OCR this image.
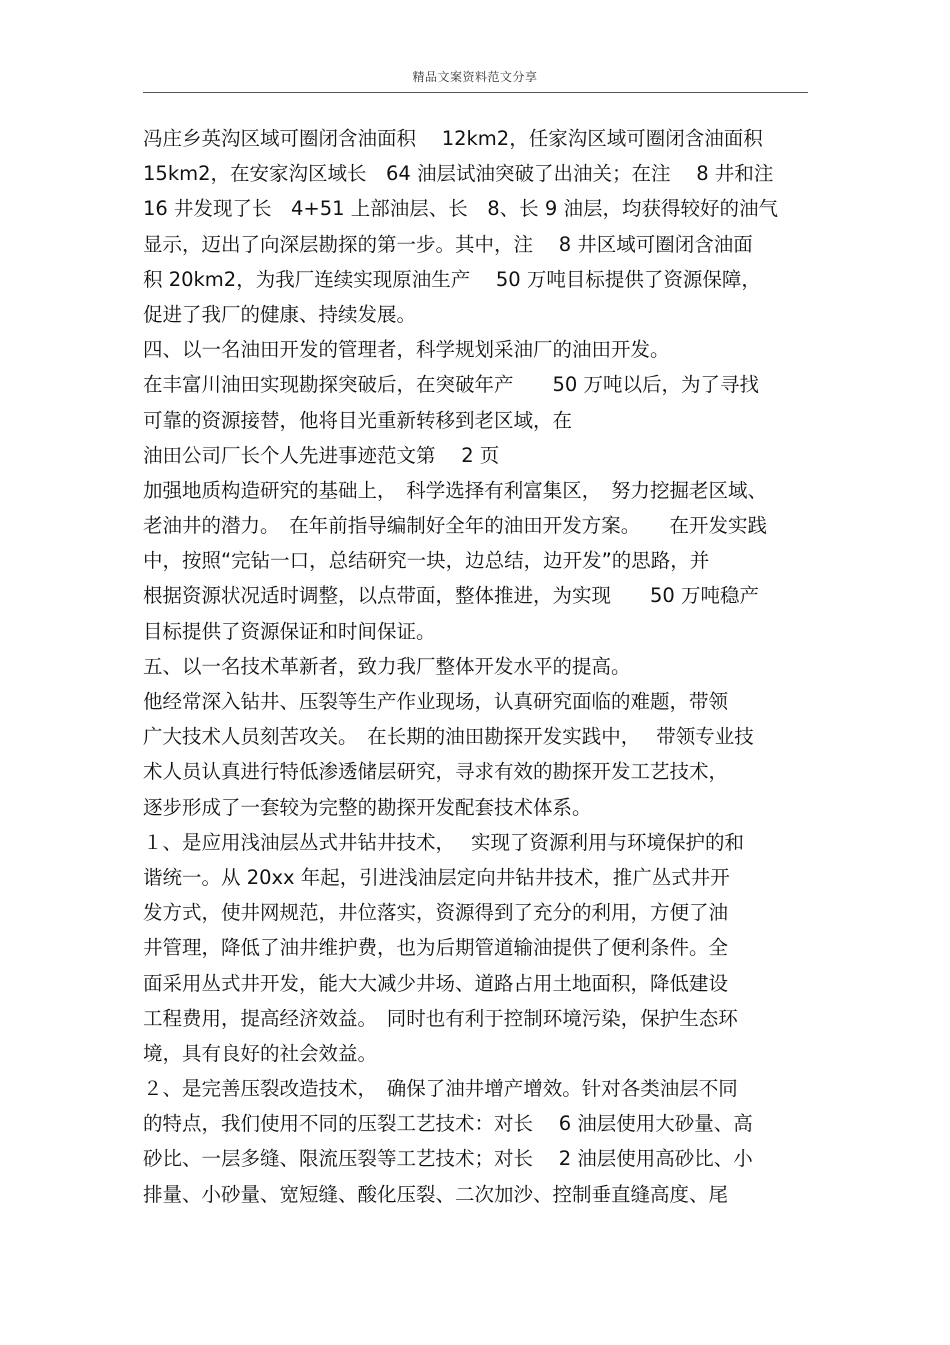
精品文案资料范文分享
冯庄乡英沟区域可圈闭含油面积　 12km2，任家沟区域可圈闭含油面积
15km2，在安家沟区域长　64 油层试油突破了出油关；在注　 8 井和注
16 井发现了长　4+51 上部油层、长　8、长 9 油层，均获得较好的油气
显示，迈出了向深层勘探的第一步。其中，注　 8 井区域可圈闭含油面
积 20km2，为我厂连续实现原油生产　 50 万吨目标提供了资源保障，
促进了我厂的健康、持续发展。
四、以一名油田开发的管理者，科学规划采油厂的油田开发。
在丰富川油田实现勘探突破后，在突破年产　　50 万吨以后，为了寻找
可靠的资源接替，他将目光重新转移到老区域，在
油田公司厂长个人先进事迹范文第　 2 页
加强地质构造研究的基础上，　科学选择有利富集区，　努力挖掘老区域、
老油井的潜力。　在年前指导编制好全年的油田开发方案。　　在开发实践
中，按照“完钻一口，总结研究一块，边总结，边开发”的思路，并
根据资源状况适时调整，以点带面，整体推进，为实现　　50 万吨稳产
目标提供了资源保证和时间保证。
五、以一名技术革新者，致力我厂整体开发水平的提高。
他经常深入钻井、压裂等生产作业现场，认真研究面临的难题，带领
广大技术人员刻苦攻关。　在长期的油田勘探开发实践中，　 带领专业技
术人员认真进行特低渗透储层研究，寻求有效的勘探开发工艺技术，
逐步形成了一套较为完整的勘探开发配套技术体系。
１、是应用浅油层丛式井钻井技术，　 实现了资源利用与环境保护的和
谐统一。从 20xx 年起，引进浅油层定向井钻井技术，推广丛式井开
发方式，使井网规范，井位落实，资源得到了充分的利用，方便了油
井管理，降低了油井维护费，也为后期管道输油提供了便利条件。全
面采用丛式井开发，能大大减少井场、道路占用土地面积，降低建设
工程费用，提高经济效益。　同时也有利于控制环境污染，保护生态环
境，具有良好的社会效益。
２、是完善压裂改造技术，　确保了油井增产增效。针对各类油层不同
的特点，我们使用不同的压裂工艺技术：对长　 6 油层使用大砂量、高
砂比、一层多缝、限流压裂等工艺技术；对长　 2 油层使用高砂比、小
排量、小砂量、宽短缝、酸化压裂、二次加沙、控制垂直缝高度、尾
